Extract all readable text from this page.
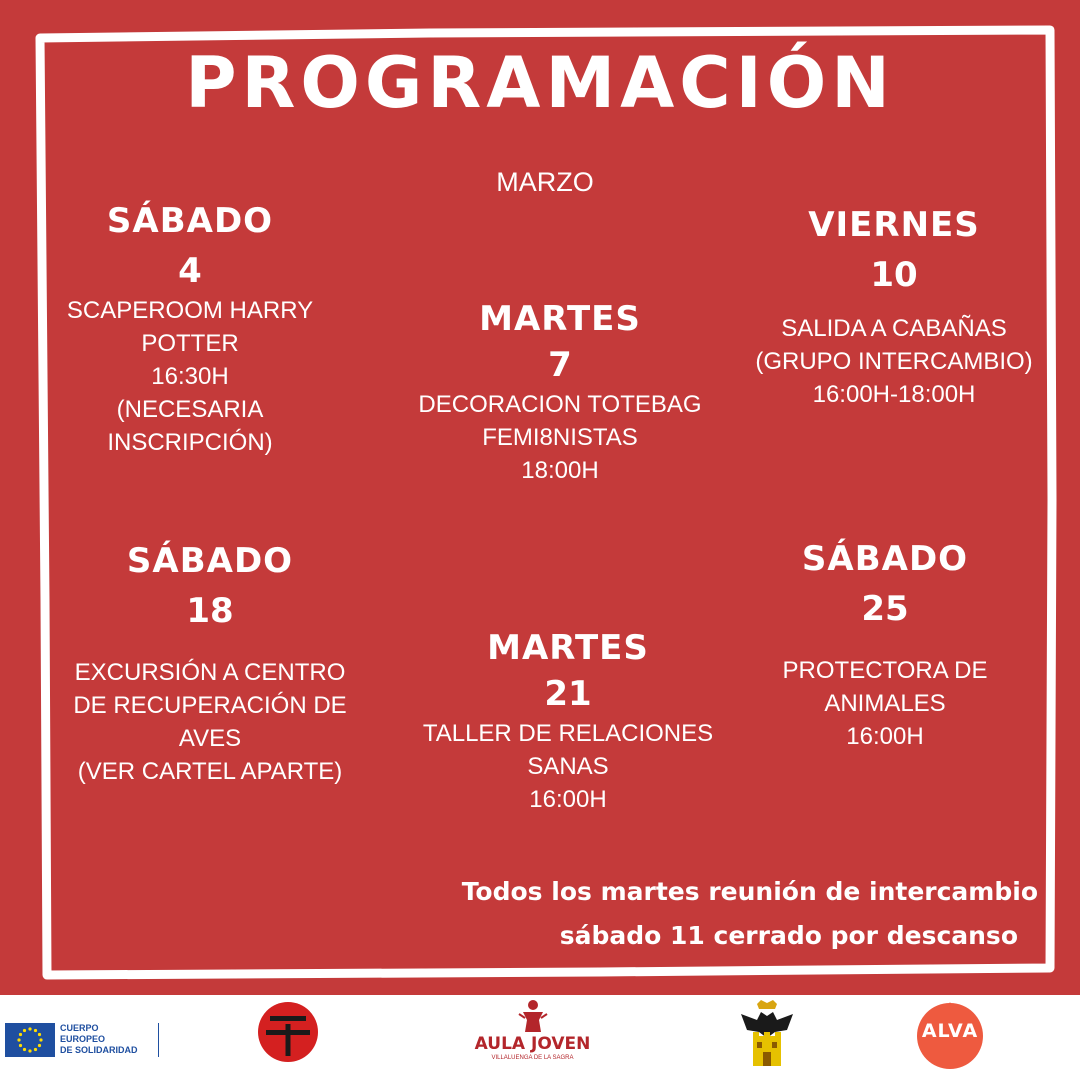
PROGRAMACIÓN
MARZO
SÁBADO
4
SCAPEROOM HARRY
POTTER
16:30H
(NECESARIA
INSCRIPCIÓN)
MARTES
7
DECORACION TOTEBAG
FEMI8NISTAS
18:00H
VIERNES
10
SALIDA A CABAÑAS
(GRUPO INTERCAMBIO)
16:00H-18:00H
SÁBADO
18
EXCURSIÓN A CENTRO
DE RECUPERACIÓN DE
AVES
(VER CARTEL APARTE)
MARTES
21
TALLER DE RELACIONES
SANAS
16:00H
SÁBADO
25
PROTECTORA DE
ANIMALES
16:00H
Todos los martes reunión de intercambio
sábado 11 cerrado por descanso
CUERPO
EUROPEO
DE SOLIDARIDAD	AULA JOVEN
VILLALUENGA DE LA SAGRA
ALVA
